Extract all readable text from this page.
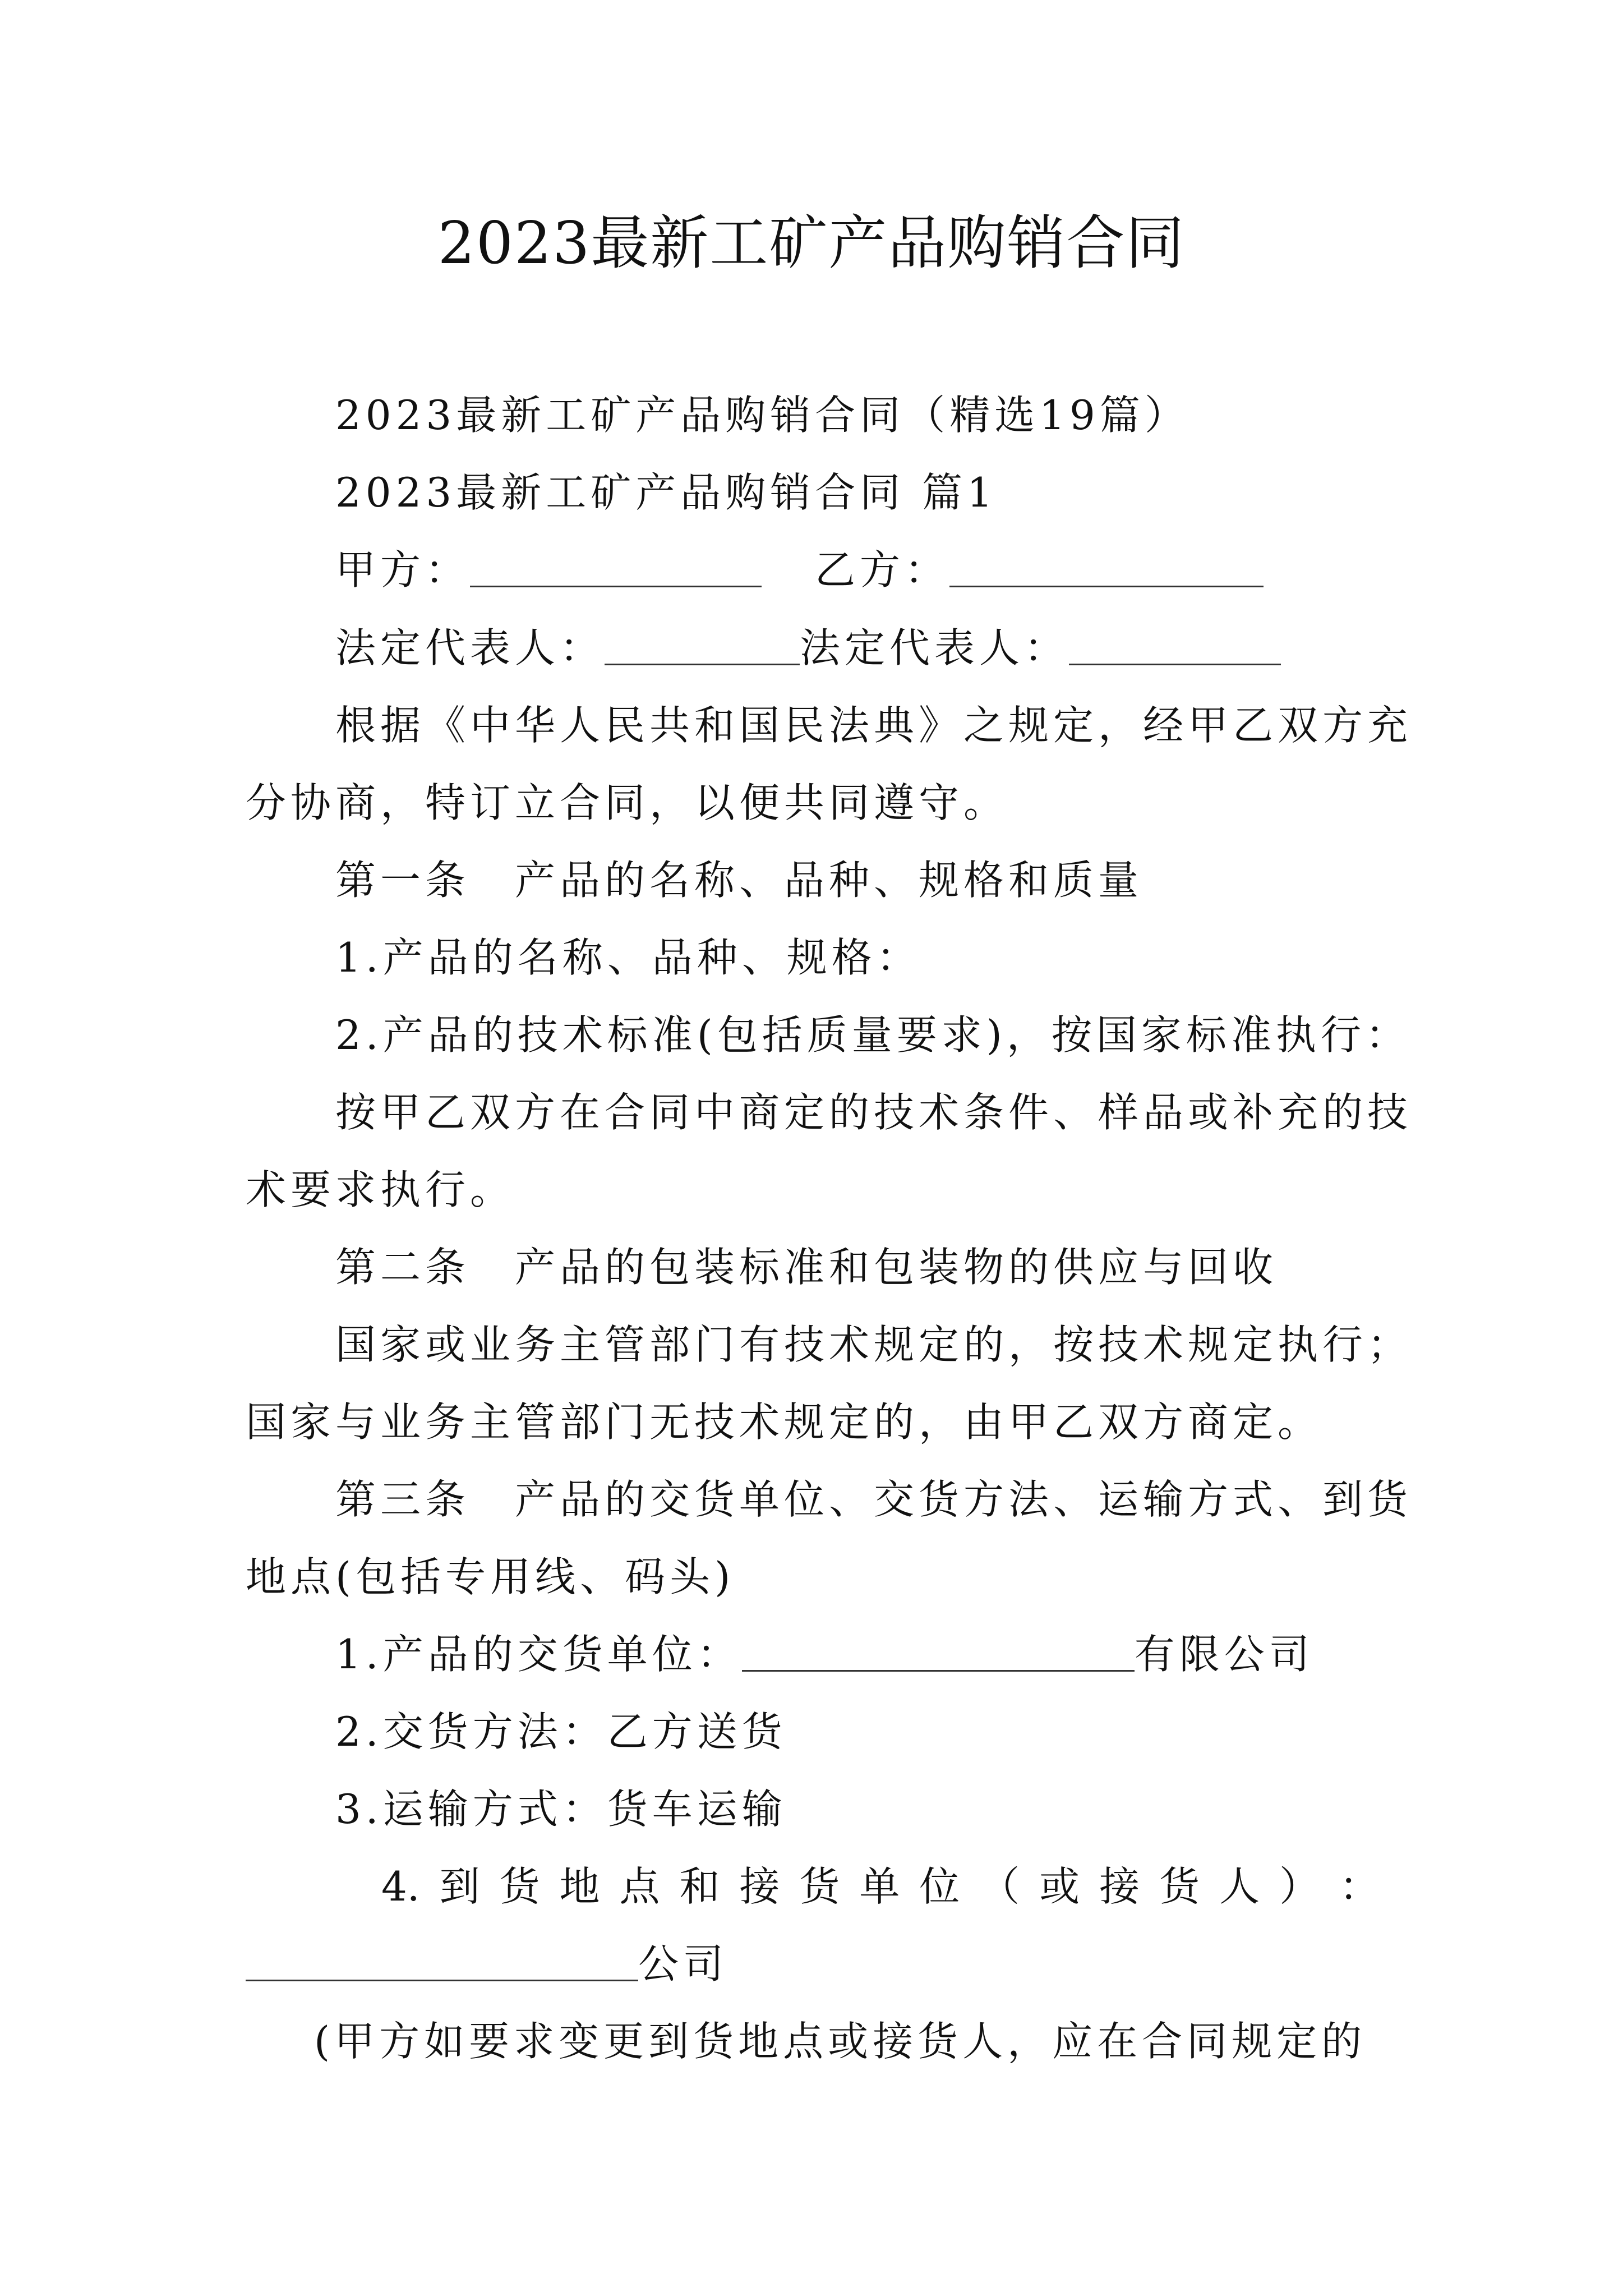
2023最新工矿产品购销合同
2023最新工矿产品购销合同（精选19篇）
2023最新工矿产品购销合同 篇1
甲方：	乙方：
法定代表人：	法定代表人：
根据《中华人民共和国民法典》之规定，经甲乙双方充
分协商，特订立合同，以便共同遵守。
第一条　产品的名称、品种、规格和质量
1.产品的名称、品种、规格：
2.产品的技术标准(包括质量要求)，按国家标准执行：
按甲乙双方在合同中商定的技术条件、样品或补充的技
术要求执行。
第二条　产品的包装标准和包装物的供应与回收
国家或业务主管部门有技术规定的，按技术规定执行；
国家与业务主管部门无技术规定的，由甲乙双方商定。
第三条　产品的交货单位、交货方法、运输方式、到货
地点(包括专用线、码头)
1.产品的交货单位：	有限公司
2.交货方法：乙方送货
3.运输方式：货车运输
4. 到 货 地 点 和 接 货 单 位 （ 或 接 货 人 ） ：
公司
(甲方如要求变更到货地点或接货人，应在合同规定的
